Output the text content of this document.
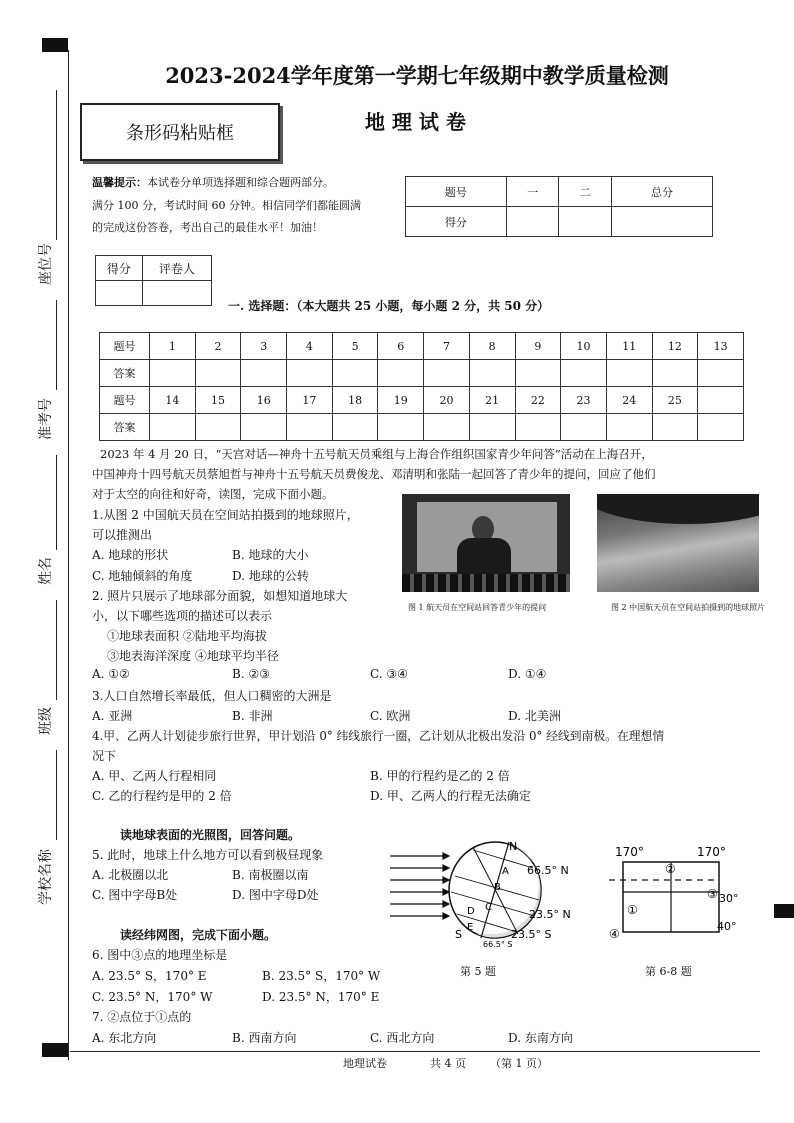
座位号
准考号
姓名
班级
学校名称
2023-2024学年度第一学期七年级期中教学质量检测
条形码粘贴框	地 理 试 卷
温馨提示：本试卷分单项选择题和综合题两部分。
满分 100 分，考试时间 60 分钟。相信同学们都能圆满
的完成这份答卷，考出自己的最佳水平！加油！
题号	一	二	总分
得分			
得分	评卷人

一. 选择题：（本大题共 25 小题，每小题 2 分，共 50 分）
题号	1	2	3	4	5	6	7	8	9	10	11	12	13
答案													
题号	14	15	16	17	18	19	20	21	22	23	24	25	
答案													
2023 年 4 月 20 日，“天宫对话—神舟十五号航天员乘组与上海合作组织国家青少年问答”活动在上海召开，
中国神舟十四号航天员蔡旭哲与神舟十五号航天员费俊龙、邓清明和张陆一起回答了青少年的提问，回应了他们
对于太空的向往和好奇，读图，完成下面小题。
1.从图 2 中国航天员在空间站拍摄到的地球照片，
可以推测出
A. 地球的形状	B. 地球的大小
C. 地轴倾斜的角度	D. 地球的公转
图 1 航天员在空间站回答青少年的提问	图 2 中国航天员在空间站拍摄到的地球照片
2. 照片只展示了地球部分面貌，如想知道地球大
小，以下哪些选项的描述可以表示
①地球表面积 ②陆地平均海拔
③地表海洋深度 ④地球平均半径
A. ①②	B. ②③	C. ③④	D. ①④
3.人口自然增长率最低，但人口稠密的大洲是
A. 亚洲	B. 非洲	C. 欧洲	D. 北美洲
4.甲、乙两人计划徒步旅行世界，甲计划沿 0° 纬线旅行一圈，乙计划从北极出发沿 0° 经线到南极。在理想情
况下
A. 甲、乙两人行程相同	B. 甲的行程约是乙的 2 倍
C. 乙的行程约是甲的 2 倍	D. 甲、乙两人的行程无法确定
读地球表面的光照图，回答问题。
5. 此时，地球上什么地方可以看到极昼现象
A. 北极圈以北	B. 南极圈以南
C. 图中字母B处	D. 图中字母D处
读经纬网图，完成下面小题。
6. 图中③点的地理坐标是
A. 23.5° S，170° E	B. 23.5° S，170° W
C. 23.5° N，170° W	D. 23.5° N，170° E
7. ②点位于①点的
A. 东北方向	B. 西南方向	C. 西北方向	D. 东南方向
N
S
66.5° N
23.5° N
23.5° S
66.5° S
A
B
C
D
E
第 5 题
170°	170°
30°
40°
①
②
③
④
第 6-8 题
地理试卷	共 4 页 （第 1 页）
